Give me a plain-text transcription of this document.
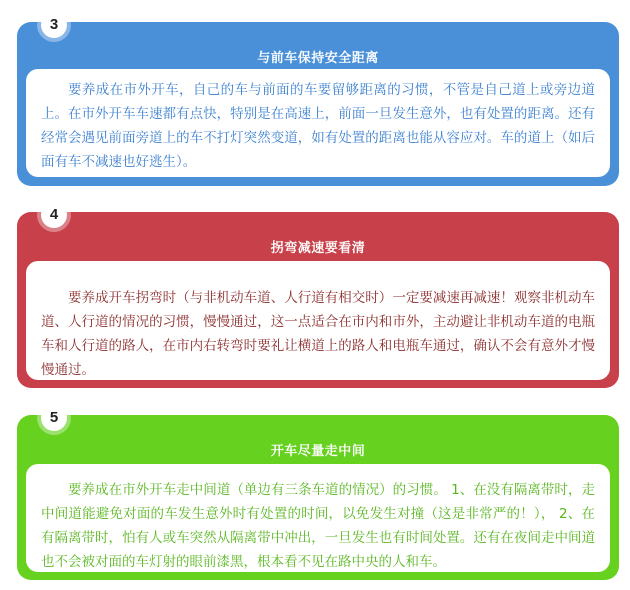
3
与前车保持安全距离
要养成在市外开车，自己的车与前面的车要留够距离的习惯，不管是自己道上或旁边道上。在市外开车车速都有点快，特别是在高速上，前面一旦发生意外，也有处置的距离。还有经常会遇见前面旁道上的车不打灯突然变道，如有处置的距离也能从容应对。车的道上（如后面有车不减速也好逃生）。
4
拐弯减速要看清
要养成开车拐弯时（与非机动车道、人行道有相交时）一定要减速再减速！观察非机动车道、人行道的情况的习惯，慢慢通过，这一点适合在市内和市外，主动避让非机动车道的电瓶车和人行道的路人，在市内右转弯时要礼让横道上的路人和电瓶车通过，确认不会有意外才慢慢通过。
5
开车尽量走中间
要养成在市外开车走中间道（单边有三条车道的情况）的习惯。 1、在没有隔离带时，走中间道能避免对面的车发生意外时有处置的时间，以免发生对撞（这是非常严的！）， 2、在有隔离带时，怕有人或车突然从隔离带中冲出，一旦发生也有时间处置。还有在夜间走中间道也不会被对面的车灯射的眼前漆黑，根本看不见在路中央的人和车。
